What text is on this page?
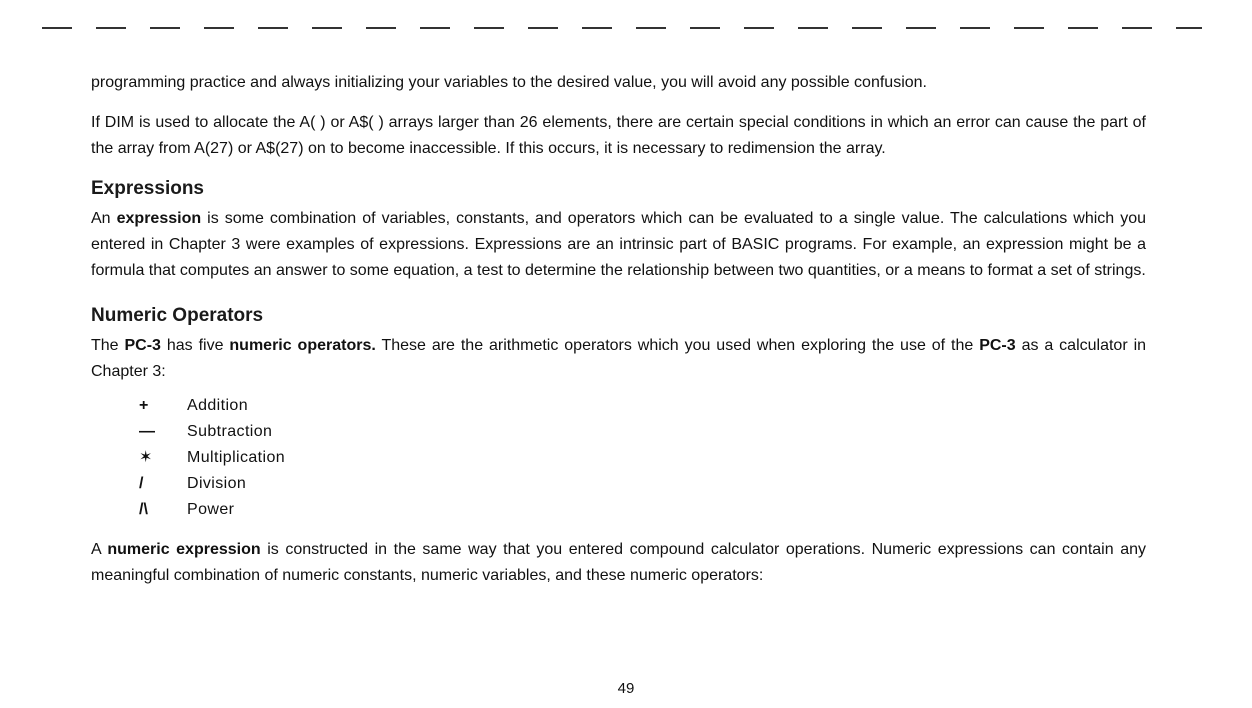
programming practice and always initializing your variables to the desired value, you will avoid any possible confusion.

If DIM is used to allocate the A( ) or A$( ) arrays larger than 26 elements, there are certain special conditions in which an error can cause the part of the array from A(27) or A$(27) on to become inaccessible. If this occurs, it is necessary to redimension the array.

Expressions

An expression is some combination of variables, constants, and operators which can be evaluated to a single value. The calculations which you entered in Chapter 3 were examples of expressions. Expressions are an intrinsic part of BASIC programs. For example, an expression might be a formula that computes an answer to some equation, a test to determine the relationship between two quantities, or a means to format a set of strings.

Numeric Operators

The PC-3 has five numeric operators. These are the arithmetic operators which you used when exploring the use of the PC-3 as a calculator in Chapter 3:

+	Addition
—	Subtraction
✶	Multiplication
/	Division
/\	Power

A numeric expression is constructed in the same way that you entered compound calculator operations. Numeric expressions can contain any meaningful combination of numeric constants, numeric variables, and these numeric operators:

49
